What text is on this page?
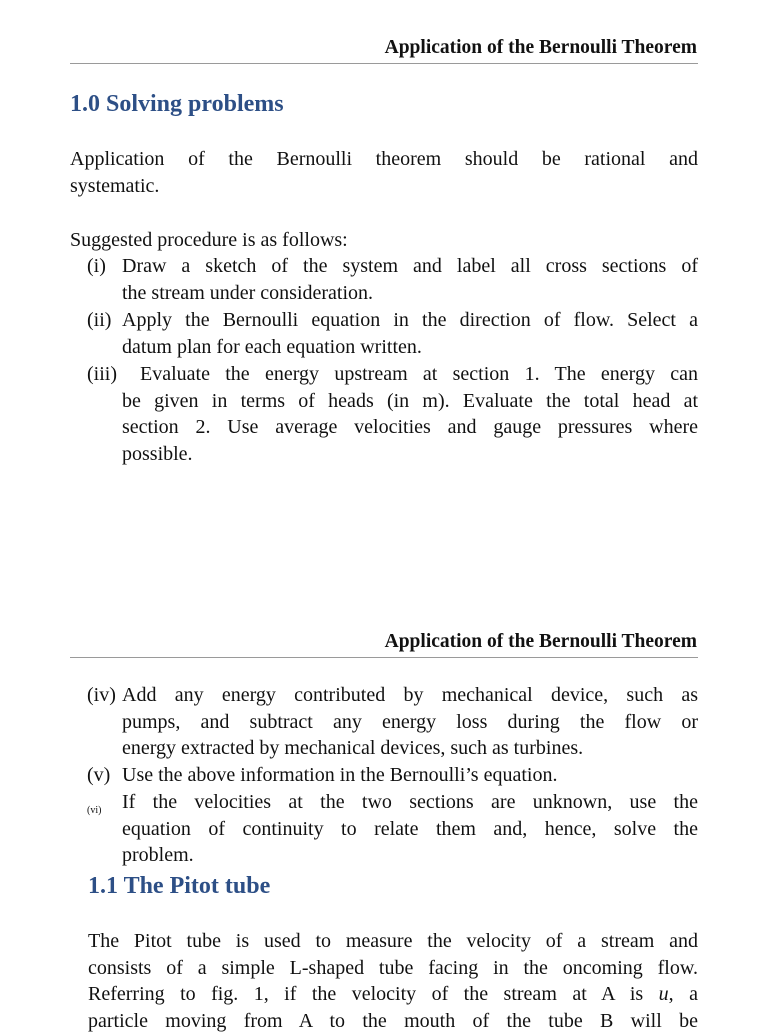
Application of the Bernoulli Theorem
1.0 Solving problems
Application of the Bernoulli theorem should be rational and
systematic.
Suggested procedure is as follows:
(i) Draw a sketch of the system and label all cross sections of
the stream under consideration.
(ii) Apply the Bernoulli equation in the direction of flow. Select a
datum plan for each equation written.
(iii)	Evaluate the energy upstream at section 1. The energy can
be given in terms of heads (in m). Evaluate the total head at
section 2. Use average velocities and gauge pressures where
possible.
Application of the Bernoulli Theorem
(iv) Add any energy contributed by mechanical device, such as
pumps, and subtract any energy loss during the flow or
energy extracted by mechanical devices, such as turbines.
(v) Use the above information in the Bernoulli’s equation.
(vi) If the velocities at the two sections are unknown, use the
equation of continuity to relate them and, hence, solve the
problem.
1.1 The Pitot tube
The Pitot tube is used to measure the velocity of a stream and
consists of a simple L-shaped tube facing in the oncoming flow.
Referring to fig. 1, if the velocity of the stream at A is u, a
particle moving from A to the mouth of the tube B will be
